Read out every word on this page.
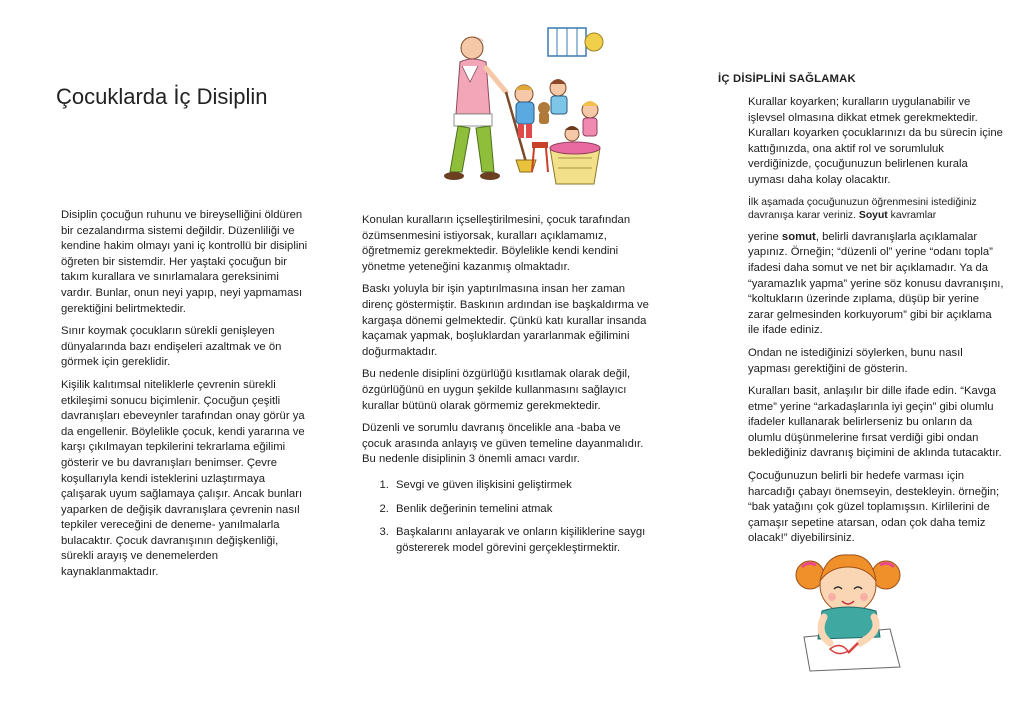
Çocuklarda İç Disiplin

Disiplin çocuğun ruhunu ve bireyselliğini öldüren bir cezalandırma sistemi değildir. Düzenliliği ve kendine hakim olmayı yani iç kontrollü bir disiplini öğreten bir sistemdir. Her yaştaki çocuğun bir takım kurallara ve sınırlamalara gereksinimi vardır. Bunlar, onun neyi yapıp, neyi yapmaması gerektiğini belirtmektedir.

Sınır koymak çocukların sürekli genişleyen dünyalarında bazı endişeleri azaltmak ve ön görmek için gereklidir.

Kişilik kalıtımsal niteliklerle çevrenin sürekli etkileşimi sonucu biçimlenir. Çocuğun çeşitli davranışları ebeveynler tarafından onay görür ya da engellenir. Böylelikle çocuk, kendi yararına ve karşı çıkılmayan tepkilerini tekrarlama eğilimi gösterir ve bu davranışları benimser. Çevre koşullarıyla kendi isteklerini uzlaştırmaya çalışarak uyum sağlamaya çalışır. Ancak bunları yaparken de değişik davranışlara çevrenin nasıl tepkiler vereceğini de deneme- yanılmalarla bulacaktır. Çocuk davranışının değişkenliği, sürekli arayış ve denemelerden kaynaklanmaktadır.

Konulan kuralların içselleştirilmesini, çocuk tarafından özümsenmesini istiyorsak, kuralları açıklamamız, öğretmemiz gerekmektedir. Böylelikle kendi kendini yönetme yeteneğini kazanmış olmaktadır.

Baskı yoluyla bir işin yaptırılmasına insan her zaman direnç göstermiştir. Baskının ardından ise başkaldırma ve kargaşa dönemi gelmektedir. Çünkü katı kurallar insanda kaçamak yapmak, boşluklardan yararlanmak eğilimini doğurmaktadır.

Bu nedenle disiplini özgürlüğü kısıtlamak olarak değil, özgürlüğünü en uygun şekilde kullanmasını sağlayıcı kurallar bütünü olarak görmemiz gerekmektedir.

Düzenli ve sorumlu davranış öncelikle ana -baba ve çocuk arasında anlayış ve güven temeline dayanmalıdır. Bu nedenle disiplinin 3 önemli amacı vardır.

1. Sevgi ve güven ilişkisini geliştirmek
2. Benlik değerinin temelini atmak
3. Başkalarını anlayarak ve onların kişiliklerine saygı göstererek model görevini gerçekleştirmektir.
İÇ DİSİPLİNİ SAĞLAMAK

Kurallar koyarken; kuralların uygulanabilir ve işlevsel olmasına dikkat etmek gerekmektedir. Kuralları koyarken çocuklarınızı da bu sürecin içine kattığınızda, ona aktif rol ve sorumluluk verdiğinizde, çocuğunuzun belirlenen kurala uyması daha kolay olacaktır.

İlk aşamada çocuğunuzun öğrenmesini istediğiniz davranışa karar veriniz. Soyut kavramlar

yerine somut, belirli davranışlarla açıklamalar yapınız. Örneğin; “düzenli ol” yerine “odanı topla” ifadesi daha somut ve net bir açıklamadır. Ya da “yaramazlık yapma” yerine söz konusu davranışını, “koltukların üzerinde zıplama, düşüp bir yerine zarar gelmesinden korkuyorum” gibi bir açıklama ile ifade ediniz.

Ondan ne istediğinizi söylerken, bunu nasıl yapması gerektiğini de gösterin.

Kuralları basit, anlaşılır bir dille ifade edin. “Kavga etme” yerine “arkadaşlarınla iyi geçin” gibi olumlu ifadeler kullanarak belirlerseniz bu onların da olumlu düşünmelerine fırsat verdiği gibi ondan beklediğiniz davranış biçimini de aklında tutacaktır.

Çocuğunuzun belirli bir hedefe varması için harcadığı çabayı önemseyin, destekleyin. örneğin; “bak yatağını çok güzel toplamışsın. Kirlilerini de çamaşır sepetine atarsan, odan çok daha temiz olacak!” diyebilirsiniz.
